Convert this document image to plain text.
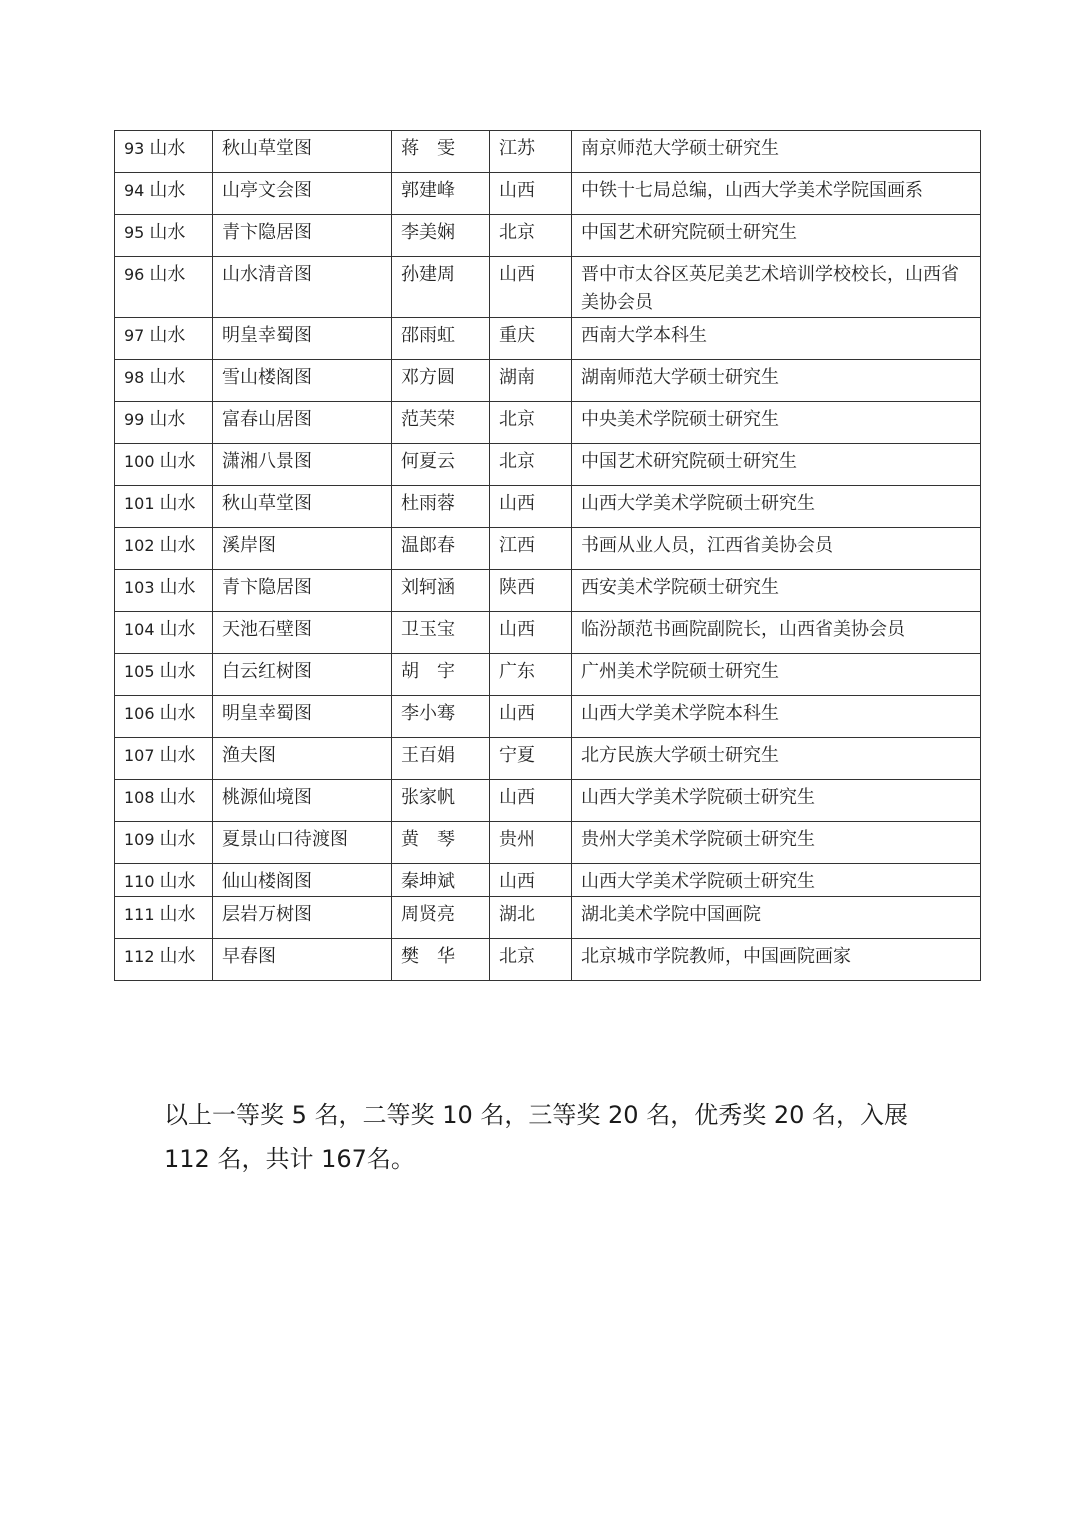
93 山水	秋山草堂图	蒋　雯	江苏	南京师范大学硕士研究生
94 山水	山亭文会图	郭建峰	山西	中铁十七局总编，山西大学美术学院国画系
95 山水	青卞隐居图	李美娴	北京	中国艺术研究院硕士研究生
96 山水	山水清音图	孙建周	山西	晋中市太谷区英尼美艺术培训学校校长，山西省美协会员
97 山水	明皇幸蜀图	邵雨虹	重庆	西南大学本科生
98 山水	雪山楼阁图	邓方圆	湖南	湖南师范大学硕士研究生
99 山水	富春山居图	范芙荣	北京	中央美术学院硕士研究生
100 山水	潇湘八景图	何夏云	北京	中国艺术研究院硕士研究生
101 山水	秋山草堂图	杜雨蓉	山西	山西大学美术学院硕士研究生
102 山水	溪岸图	温郎春	江西	书画从业人员，江西省美协会员
103 山水	青卞隐居图	刘轲涵	陕西	西安美术学院硕士研究生
104 山水	天池石壁图	卫玉宝	山西	临汾颉范书画院副院长，山西省美协会员
105 山水	白云红树图	胡　宇	广东	广州美术学院硕士研究生
106 山水	明皇幸蜀图	李小骞	山西	山西大学美术学院本科生
107 山水	渔夫图	王百娟	宁夏	北方民族大学硕士研究生
108 山水	桃源仙境图	张家帆	山西	山西大学美术学院硕士研究生
109 山水	夏景山口待渡图	黄　琴	贵州	贵州大学美术学院硕士研究生
110 山水	仙山楼阁图	秦坤斌	山西	山西大学美术学院硕士研究生
111 山水	层岩万树图	周贤亮	湖北	湖北美术学院中国画院
112 山水	早春图	樊　华	北京	北京城市学院教师，中国画院画家

以上一等奖 5 名，二等奖 10 名，三等奖 20 名，优秀奖 20 名，入展
112 名，共计 167名。
